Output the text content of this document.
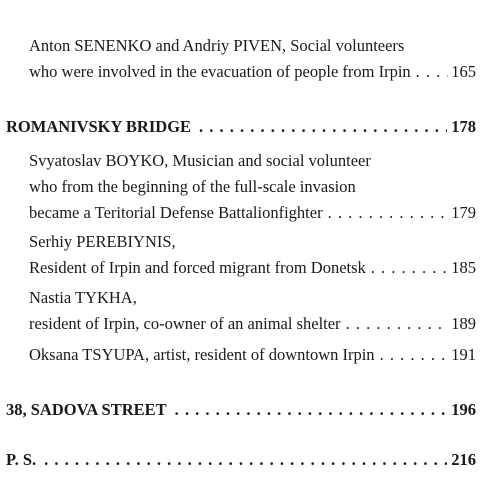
Anton SENENKO and Andriy PIVEN, Social volunteers
who were involved in the evacuation of people from Irpin . . . 165
ROMANIVSKY BRIDGE . . .	178
Svyatoslav BOYKO, Musician and social volunteer
who from the beginning of the full-scale invasion
became a Teritorial Defense Battalionfighter . . .	179
Serhiy PEREBIYNIS,
Resident of Irpin and forced migrant from Donetsk . . .	185
Nastia TYKHA,
resident of Irpin, co-owner of an animal shelter . . .	189
Oksana TSYUPA, artist, resident of downtown Irpin . . .	191
38, SADOVA STREET . . .	196
P. S. . . .	216
